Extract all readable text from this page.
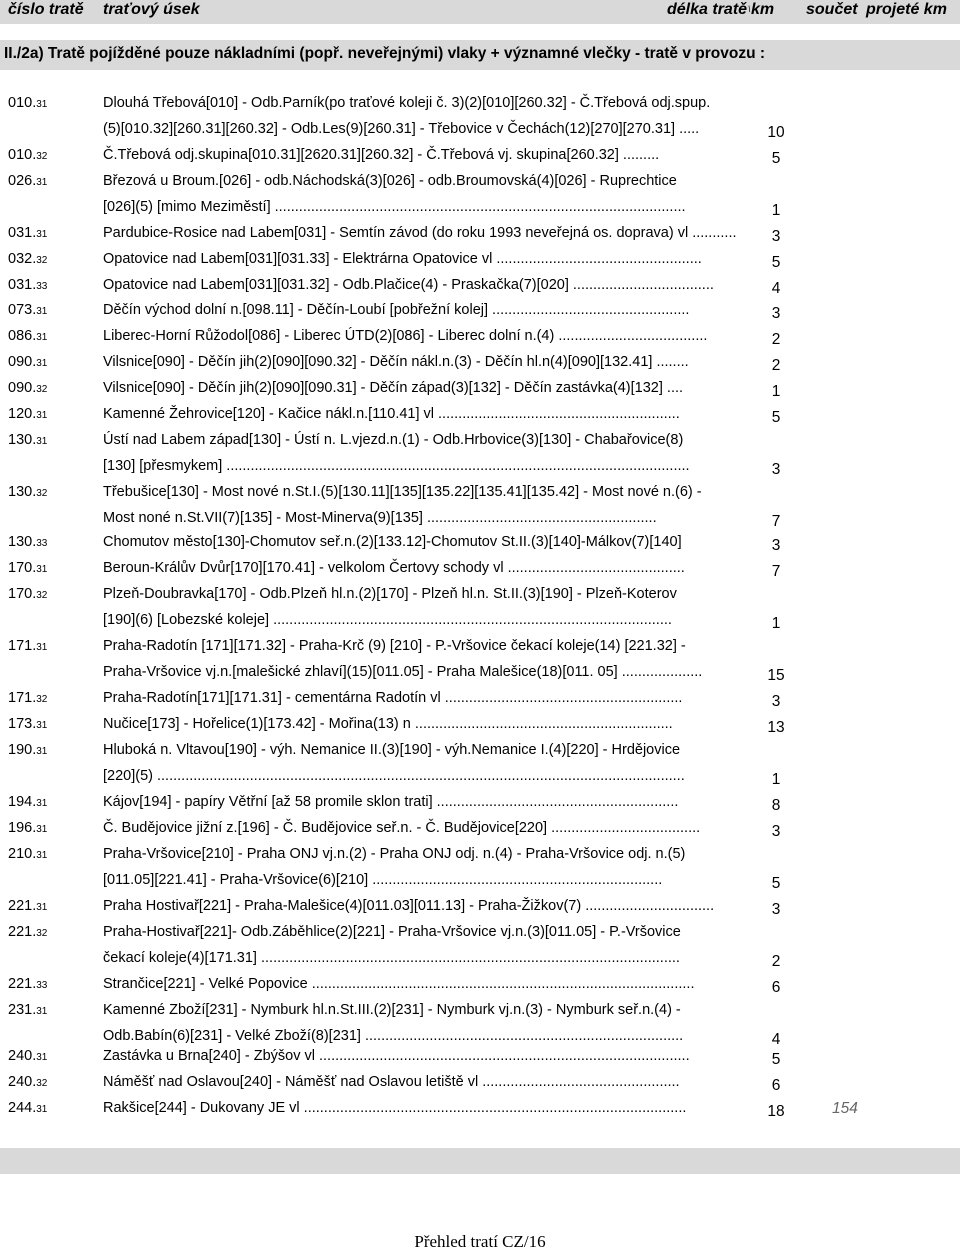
číslo tratě traťový úsek	délka tratě \ km součet projeté km
II./2a) Tratě pojížděné pouze nákladními (popř. neveřejnými) vlaky + významné vlečky - tratě v provozu :
010.31	Dlouhá Třebová[010] - Odb.Parník(po traťové koleji č. 3)(2)[010][260.32] - Č.Třebová odj.spup.
(5)[010.32][260.31][260.32] - Odb.Les(9)[260.31] - Třebovice v Čechách(12)[270][270.31] .....	10
010.32	Č.Třebová odj.skupina[010.31][2620.31][260.32] - Č.Třebová vj. skupina[260.32] .........	5
026.31	Březová u Broum.[026] - odb.Náchodská(3)[026] - odb.Broumovská(4)[026] - Ruprechtice
[026](5) [mimo Meziměstí] ......................................................................................................	1
031.31	Pardubice-Rosice nad Labem[031] - Semtín závod (do roku 1993 neveřejná os. doprava) vl ...........	3
032.32	Opatovice nad Labem[031][031.33] - Elektrárna Opatovice vl ...................................................	5
031.33	Opatovice nad Labem[031][031.32] - Odb.Plačice(4) - Praskačka(7)[020] ...................................	4
073.31	Děčín východ dolní n.[098.11] - Děčín-Loubí [pobřežní kolej] .................................................	3
086.31	Liberec-Horní Růžodol[086] - Liberec ÚTD(2)[086] - Liberec dolní n.(4) .....................................	2
090.31	Vilsnice[090] - Děčín jih(2)[090][090.32] - Děčín nákl.n.(3) - Děčín hl.n(4)[090][132.41] ........	2
090.32	Vilsnice[090] - Děčín jih(2)[090][090.31] - Děčín západ(3)[132] - Děčín zastávka(4)[132] ....	1
120.31	Kamenné Žehrovice[120] - Kačice nákl.n.[110.41] vl ............................................................	5
130.31	Ústí nad Labem západ[130] - Ústí n. L.vjezd.n.(1) - Odb.Hrbovice(3)[130] - Chabařovice(8)
[130] [přesmykem] ...................................................................................................................	3
130.32	Třebušice[130] - Most nové n.St.I.(5)[130.11][135][135.22][135.41][135.42] - Most nové n.(6) -
Most noné n.St.VII(7)[135] - Most-Minerva(9)[135] .........................................................	7
130.33	Chomutov město[130]-Chomutov seř.n.(2)[133.12]-Chomutov St.II.(3)[140]-Málkov(7)[140]	3
170.31	Beroun-Králův Dvůr[170][170.41] - velkolom Čertovy schody vl ............................................	7
170.32	Plzeň-Doubravka[170] - Odb.Plzeň hl.n.(2)[170] - Plzeň hl.n. St.II.(3)[190] - Plzeň-Koterov
[190](6) [Lobezské koleje] ...................................................................................................	1
171.31	Praha-Radotín [171][171.32] - Praha-Krč (9) [210] - P.-Vršovice čekací koleje(14) [221.32] -
Praha-Vršovice vj.n.[malešické zhlaví](15)[011.05] - Praha Malešice(18)[011. 05] ....................	15
171.32	Praha-Radotín[171][171.31] - cementárna Radotín vl ...........................................................	3
173.31	Nučice[173] - Hořelice(1)[173.42] - Mořina(13) n ................................................................	13
190.31	Hluboká n. Vltavou[190] - výh. Nemanice II.(3)[190] - výh.Nemanice I.(4)[220] - Hrdějovice
[220](5) ...................................................................................................................................	1
194.31	Kájov[194] - papíry Větřní [až 58 promile sklon trati] ............................................................	8
196.31	Č. Budějovice jižní z.[196] - Č. Budějovice seř.n. - Č. Budějovice[220] .....................................	3
210.31	Praha-Vršovice[210] - Praha ONJ vj.n.(2) - Praha ONJ odj. n.(4) - Praha-Vršovice odj. n.(5)
[011.05][221.41] - Praha-Vršovice(6)[210] ........................................................................	5
221.31	Praha Hostivař[221] - Praha-Malešice(4)[011.03][011.13] - Praha-Žižkov(7) ................................	3
221.32	Praha-Hostivař[221]- Odb.Záběhlice(2)[221] - Praha-Vršovice vj.n.(3)[011.05] - P.-Vršovice
čekací koleje(4)[171.31] ........................................................................................................	2
221.33	Strančice[221] - Velké Popovice ...............................................................................................	6
231.31	Kamenné Zboží[231] - Nymburk hl.n.St.III.(2)[231] - Nymburk vj.n.(3) - Nymburk seř.n.(4) -
Odb.Babín(6)[231] - Velké Zboží(8)[231] ...............................................................................	4
240.31	Zastávka u Brna[240] - Zbýšov vl ............................................................................................	5
240.32	Náměšť nad Oslavou[240] - Náměšť nad Oslavou letiště vl .................................................	6
244.31	Rakšice[244] - Dukovany JE vl ...............................................................................................	18	154
Přehled tratí CZ/16
